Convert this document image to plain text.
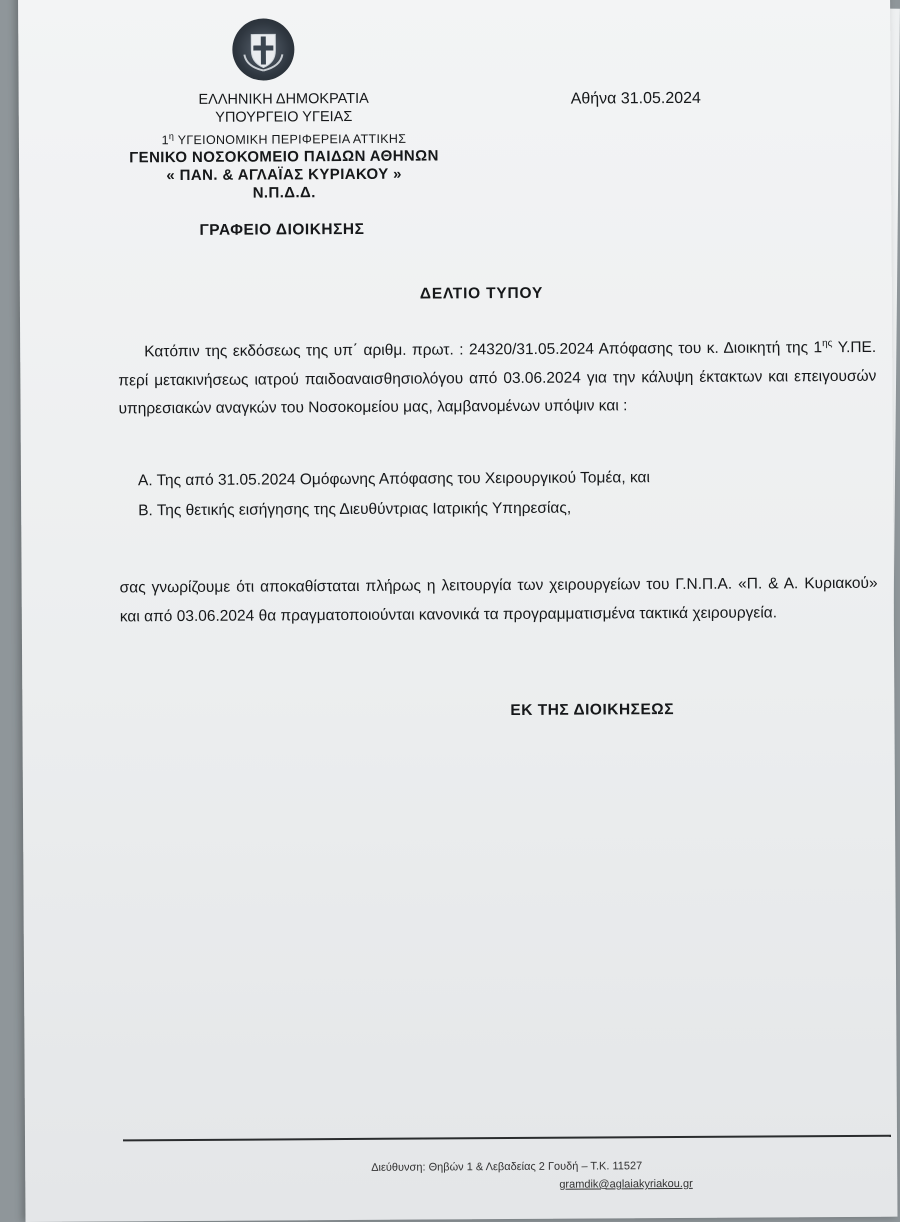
ΕΛΛΗΝΙΚΗ ΔΗΜΟΚΡΑΤΙΑ
ΥΠΟΥΡΓΕΙΟ ΥΓΕΙΑΣ
$1^\eta$ ΥΓΕΙΟΝΟΜΙΚΗ ΠΕΡΙΦΕΡΕΙΑ ΑΤΤΙΚΗΣ
ΓΕΝΙΚΟ ΝΟΣΟΚΟΜΕΙΟ ΠΑΙΔΩΝ ΑΘΗΝΩΝ
« ΠΑΝ. & ΑΓΛΑΪΑΣ ΚΥΡΙΑΚΟΥ »
Ν.Π.Δ.Δ.
Αθήνα 31.05.2024
ΓΡΑΦΕΙΟ ΔΙΟΙΚΗΣΗΣ
ΔΕΛΤΙΟ ΤΥΠΟΥ
Κατόπιν της εκδόσεως της υπ΄ αριθμ. πρωτ. : 24320/31.05.2024 Απόφασης του κ. Διοικητή της $1^{\eta\varsigma}$ Υ.ΠΕ. περί μετακινήσεως ιατρού παιδοαναισθησιολόγου από 03.06.2024 για την κάλυψη έκτακτων και επειγουσών υπηρεσιακών αναγκών του Νοσοκομείου μας, λαμβανομένων υπόψιν και :
Α. Της από 31.05.2024 Ομόφωνης Απόφασης του Χειρουργικού Τομέα, και
Β. Της θετικής εισήγησης της Διευθύντριας Ιατρικής Υπηρεσίας,
σας γνωρίζουμε ότι αποκαθίσταται πλήρως η λειτουργία των χειρουργείων του Γ.Ν.Π.Α. «Π. & Α. Κυριακού» και από 03.06.2024 θα πραγματοποιούνται κανονικά τα προγραμματισμένα τακτικά χειρουργεία.
ΕΚ ΤΗΣ ΔΙΟΙΚΗΣΕΩΣ
Διεύθυνση: Θηβών 1 & Λεβαδείας 2 Γουδή – Τ.Κ. 11527
gramdik@aglaiakyriakou.gr
